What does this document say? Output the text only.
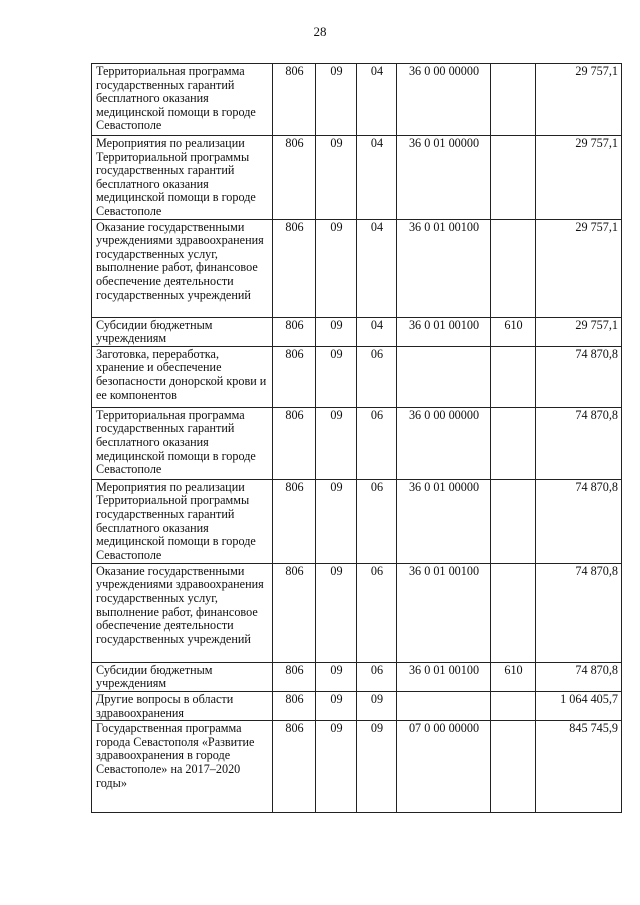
28
Территориальная программа государственных гарантий бесплатного оказания медицинской помощи в городе Севастополе	806	09	04	36 0 00 00000		29 757,1
Мероприятия по реализации Территориальной программы государственных гарантий бесплатного оказания медицинской помощи в городе Севастополе	806	09	04	36 0 01 00000		29 757,1
Оказание государственными учреждениями здравоохранения государственных услуг, выполнение работ, финансовое обеспечение деятельности государственных учреждений	806	09	04	36 0 01 00100		29 757,1
Субсидии бюджетным учреждениям	806	09	04	36 0 01 00100	610	29 757,1
Заготовка, переработка, хранение и обеспечение безопасности донорской крови и ее компонентов	806	09	06			74 870,8
Территориальная программа государственных гарантий бесплатного оказания медицинской помощи в городе Севастополе	806	09	06	36 0 00 00000		74 870,8
Мероприятия по реализации Территориальной программы государственных гарантий бесплатного оказания медицинской помощи в городе Севастополе	806	09	06	36 0 01 00000		74 870,8
Оказание государственными учреждениями здравоохранения государственных услуг, выполнение работ, финансовое обеспечение деятельности государственных учреждений	806	09	06	36 0 01 00100		74 870,8
Субсидии бюджетным учреждениям	806	09	06	36 0 01 00100	610	74 870,8
Другие вопросы в области здравоохранения	806	09	09			1 064 405,7
Государственная программа города Севастополя «Развитие здравоохранения в городе Севастополе» на 2017–2020 годы»	806	09	09	07 0 00 00000		845 745,9
